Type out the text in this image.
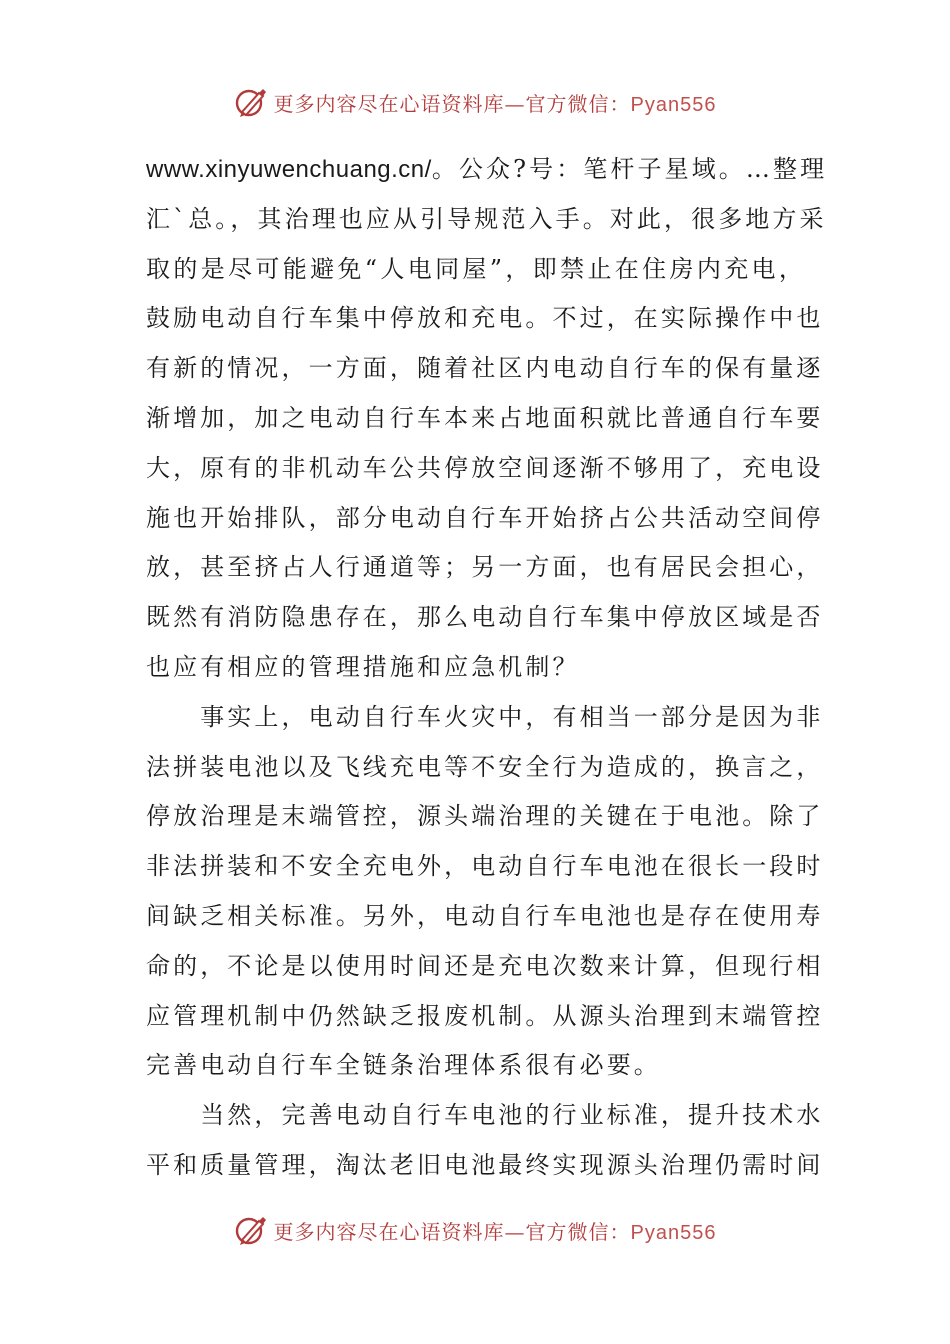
更多内容尽在心语资料库—官方微信：Pyan556
www.xinyuwenchuang.cn/。公众?号：笔杆子星域。…整理
汇`总。，其治理也应从引导规范入手。对此，很多地方采
取的是尽可能避免“人电同屋”，即禁止在住房内充电，
鼓励电动自行车集中停放和充电。不过，在实际操作中也
有新的情况，一方面，随着社区内电动自行车的保有量逐
渐增加，加之电动自行车本来占地面积就比普通自行车要
大，原有的非机动车公共停放空间逐渐不够用了，充电设
施也开始排队，部分电动自行车开始挤占公共活动空间停
放，甚至挤占人行通道等；另一方面，也有居民会担心，
既然有消防隐患存在，那么电动自行车集中停放区域是否
也应有相应的管理措施和应急机制？
　　事实上，电动自行车火灾中，有相当一部分是因为非
法拼装电池以及飞线充电等不安全行为造成的，换言之，
停放治理是末端管控，源头端治理的关键在于电池。除了
非法拼装和不安全充电外，电动自行车电池在很长一段时
间缺乏相关标准。另外，电动自行车电池也是存在使用寿
命的，不论是以使用时间还是充电次数来计算，但现行相
应管理机制中仍然缺乏报废机制。从源头治理到末端管控
完善电动自行车全链条治理体系很有必要。
　　当然，完善电动自行车电池的行业标准，提升技术水
平和质量管理，淘汰老旧电池最终实现源头治理仍需时间
更多内容尽在心语资料库—官方微信：Pyan556
